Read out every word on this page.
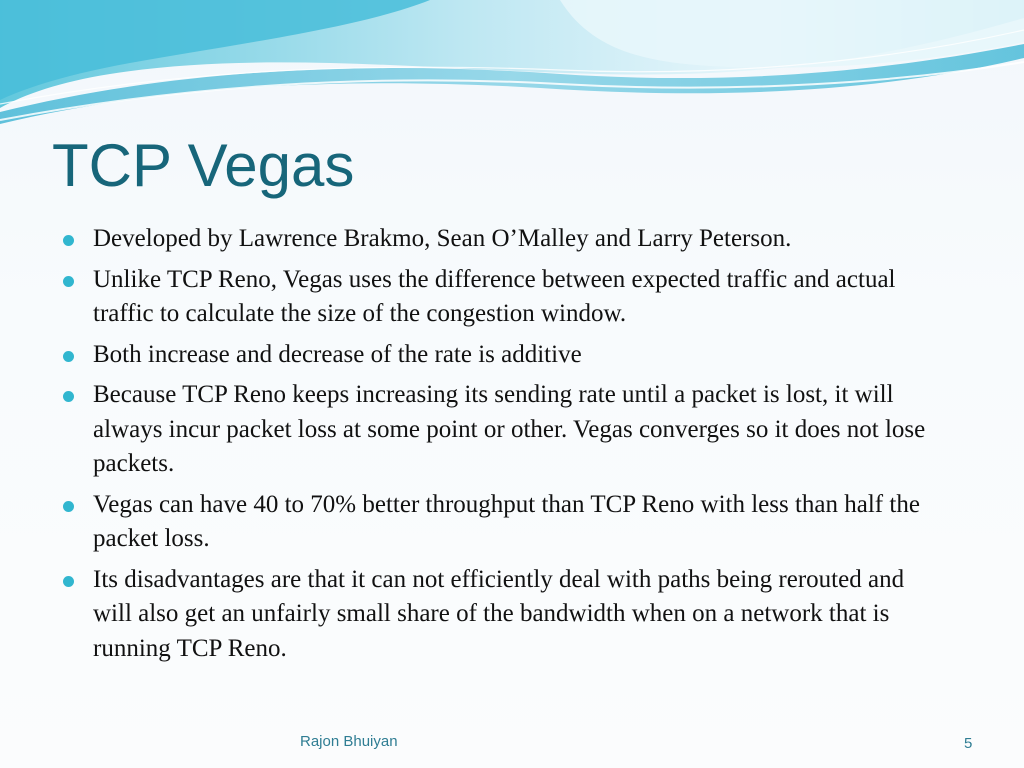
TCP Vegas
Developed by Lawrence Brakmo, Sean O’Malley and Larry Peterson.
Unlike TCP Reno, Vegas uses the difference between expected traffic and actual traffic to calculate the size of the congestion window.
Both increase and decrease of the rate is additive
Because TCP Reno keeps increasing its sending rate until a packet is lost, it will always incur packet loss at some point or other. Vegas converges so it does not lose packets.
Vegas can have 40 to 70% better throughput than TCP Reno with less than half the packet loss.
Its disadvantages are that it can not efficiently deal with paths being rerouted and will also get an unfairly small share of the bandwidth when on a network that is running TCP Reno.
Rajon Bhuiyan	5
